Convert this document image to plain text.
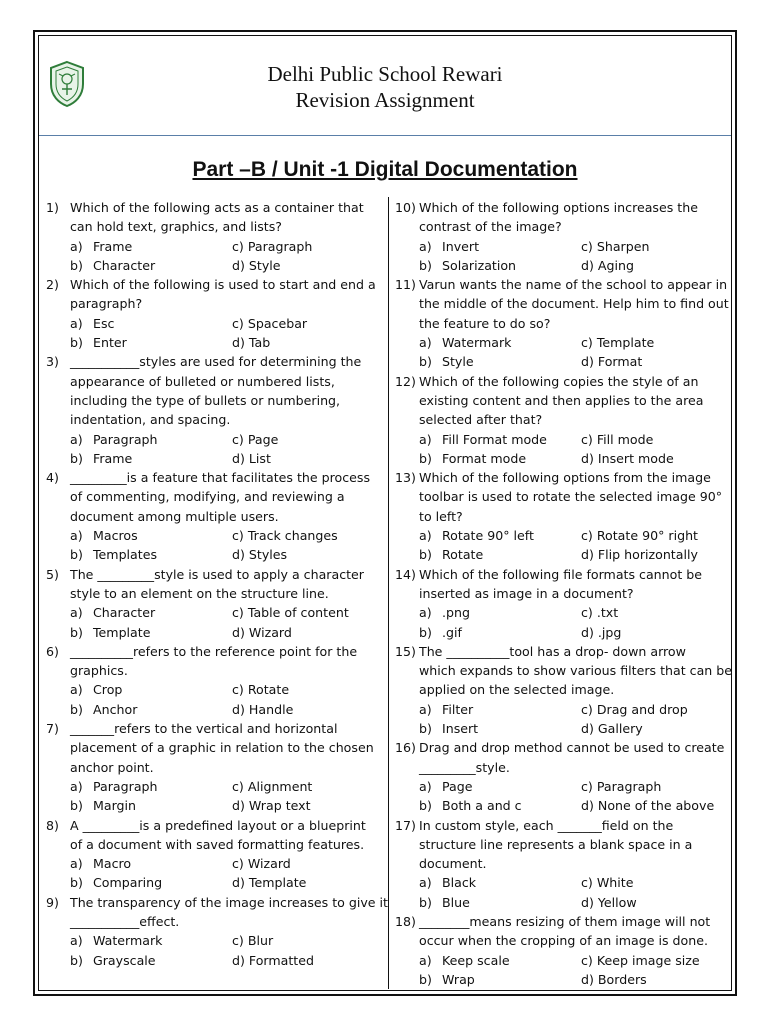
Delhi Public School Rewari
Revision Assignment
Part –B / Unit -1 Digital Documentation
1) Which of the following acts as a container that
can hold text, graphics, and lists?
a) Frame	c) Paragraph
b) Character	d) Style
2) Which of the following is used to start and end a
paragraph?
a) Esc	c) Spacebar
b) Enter	d) Tab
3) ___________styles are used for determining the
appearance of bulleted or numbered lists,
including the type of bullets or numbering,
indentation, and spacing.
a) Paragraph	c) Page
b) Frame	d) List
4) _________is a feature that facilitates the process
of commenting, modifying, and reviewing a
document among multiple users.
a) Macros	c) Track changes
b) Templates	d) Styles
5) The _________style is used to apply a character
style to an element on the structure line.
a) Character	c) Table of content
b) Template	d) Wizard
6) __________refers to the reference point for the
graphics.
a) Crop	c) Rotate
b) Anchor	d) Handle
7) _______refers to the vertical and horizontal
placement of a graphic in relation to the chosen
anchor point.
a) Paragraph	c) Alignment
b) Margin	d) Wrap text
8) A _________is a predefined layout or a blueprint
of a document with saved formatting features.
a) Macro	c) Wizard
b) Comparing	d) Template
9) The transparency of the image increases to give it
___________effect.
a) Watermark	c) Blur
b) Grayscale	d) Formatted
10) Which of the following options increases the
contrast of the image?
a) Invert	c) Sharpen
b) Solarization	d) Aging
11) Varun wants the name of the school to appear in
the middle of the document. Help him to find out
the feature to do so?
a) Watermark	c) Template
b) Style	d) Format
12) Which of the following copies the style of an
existing content and then applies to the area
selected after that?
a) Fill Format mode	c) Fill mode
b) Format mode	d) Insert mode
13) Which of the following options from the image
toolbar is used to rotate the selected image 90°
to left?
a) Rotate 90° left	c) Rotate 90° right
b) Rotate	d) Flip horizontally
14) Which of the following file formats cannot be
inserted as image in a document?
a) .png	c) .txt
b) .gif	d) .jpg
15) The __________tool has a drop- down arrow
which expands to show various filters that can be
applied on the selected image.
a) Filter	c) Drag and drop
b) Insert	d) Gallery
16) Drag and drop method cannot be used to create
_________style.
a) Page	c) Paragraph
b) Both a and c	d) None of the above
17) In custom style, each _______field on the
structure line represents a blank space in a
document.
a) Black	c) White
b) Blue	d) Yellow
18) ________means resizing of them image will not
occur when the cropping of an image is done.
a) Keep scale	c) Keep image size
b) Wrap	d) Borders
